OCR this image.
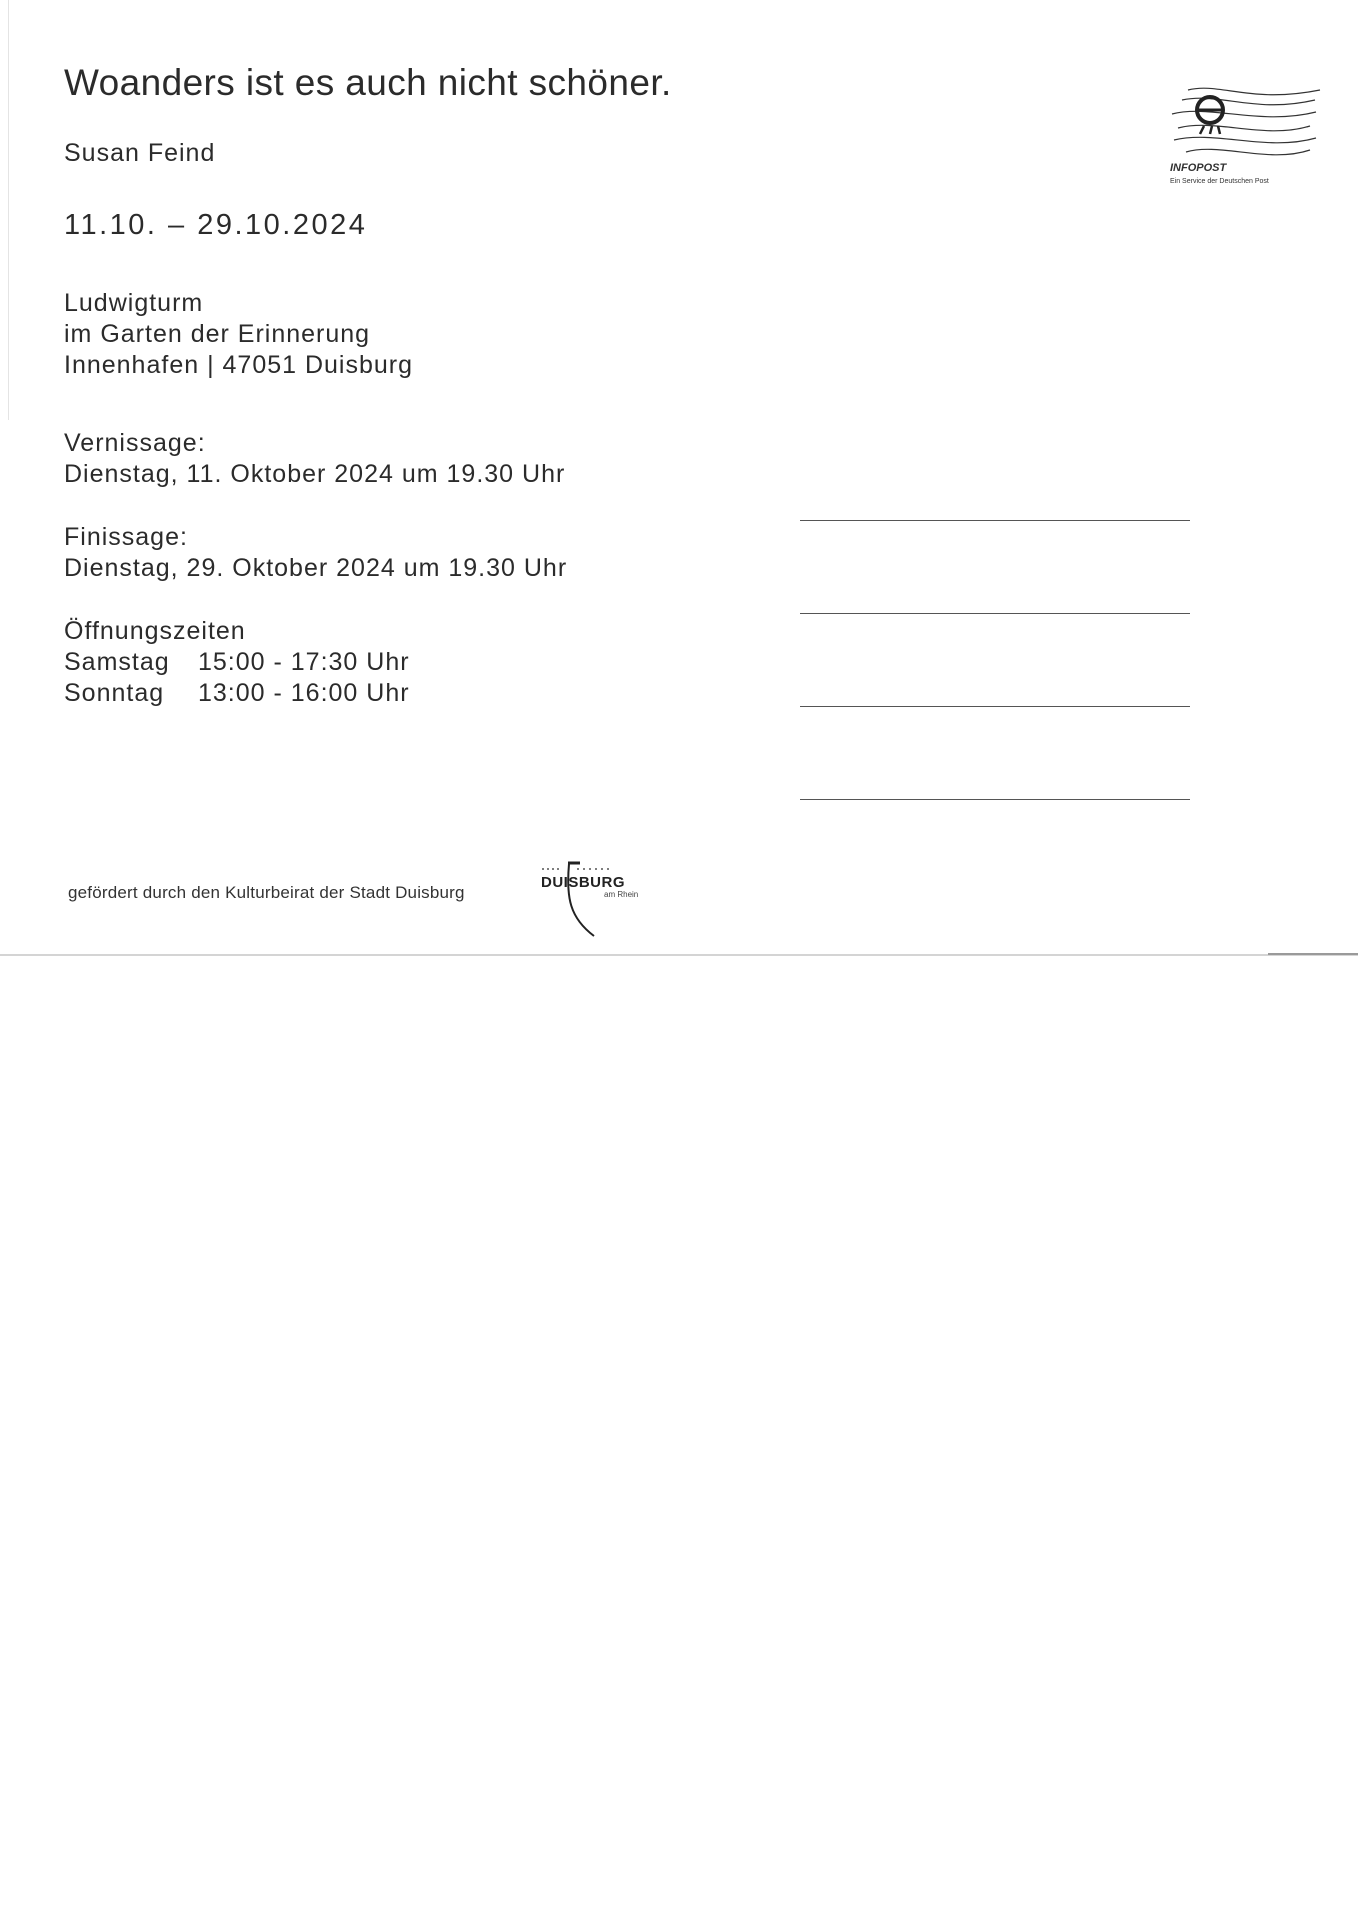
Woanders ist es auch nicht schöner.

Susan Feind

11.10. – 29.10.2024

Ludwigturm

im Garten der Erinnerung

Innenhafen | 47051 Duisburg

Vernissage:

Dienstag, 11. Oktober 2024 um 19.30 Uhr

Finissage:

Dienstag, 29. Oktober 2024 um 19.30 Uhr

Öffnungszeiten

Samstag 15:00 - 17:30 Uhr

Sonntag 13:00 - 16:00 Uhr

INFOPOST
Ein Service der Deutschen Post

gefördert durch den Kulturbeirat der Stadt Duisburg

DUISBURG
am Rhein
